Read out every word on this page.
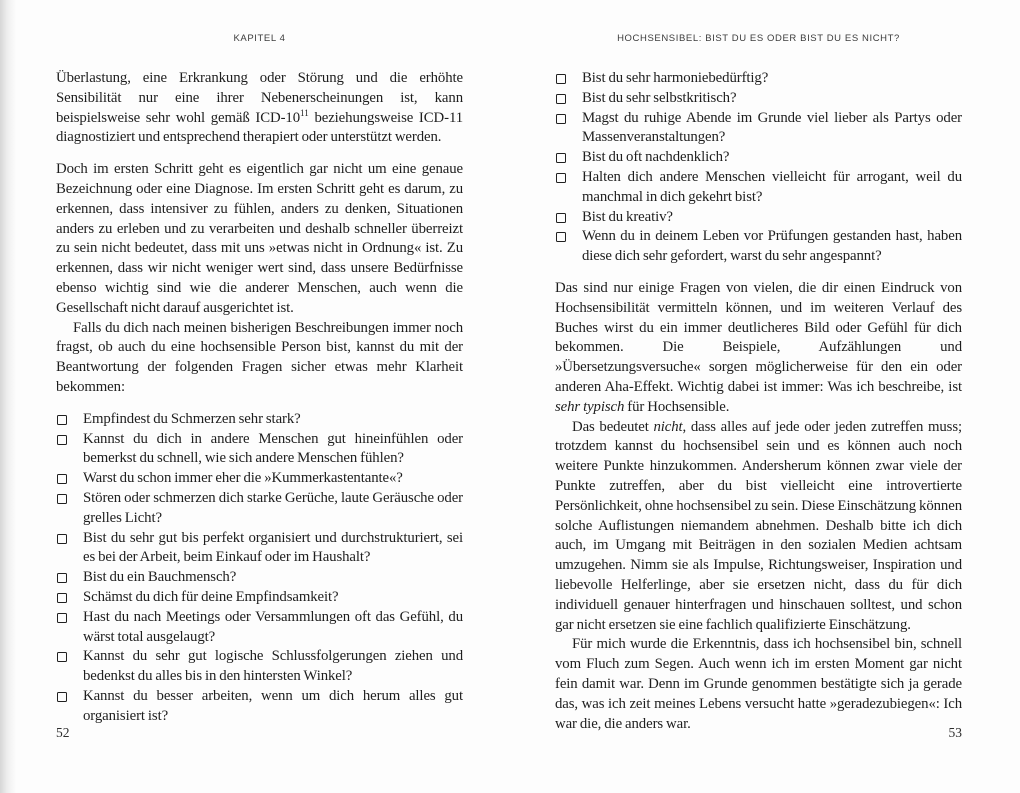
KAPITEL 4

Überlastung, eine Erkrankung oder Störung und die erhöhte Sensibilität nur eine ihrer Nebenerscheinungen ist, kann beispielsweise sehr wohl gemäß ICD-$10^{11}$ beziehungsweise ICD-11 diagnostiziert und entsprechend therapiert oder unterstützt werden.

Doch im ersten Schritt geht es eigentlich gar nicht um eine genaue Bezeichnung oder eine Diagnose. Im ersten Schritt geht es darum, zu erkennen, dass intensiver zu fühlen, anders zu denken, Situationen anders zu erleben und zu verarbeiten und deshalb schneller überreizt zu sein nicht bedeutet, dass mit uns »etwas nicht in Ordnung« ist. Zu erkennen, dass wir nicht weniger wert sind, dass unsere Bedürfnisse ebenso wichtig sind wie die anderer Menschen, auch wenn die Gesellschaft nicht darauf ausgerichtet ist.

Falls du dich nach meinen bisherigen Beschreibungen immer noch fragst, ob auch du eine hochsensible Person bist, kannst du mit der Beantwortung der folgenden Fragen sicher etwas mehr Klarheit bekommen:

Empfindest du Schmerzen sehr stark?
Kannst du dich in andere Menschen gut hineinfühlen oder bemerkst du schnell, wie sich andere Menschen fühlen?
Warst du schon immer eher die »Kummerkastentante«?
Stören oder schmerzen dich starke Gerüche, laute Geräusche oder grelles Licht?
Bist du sehr gut bis perfekt organisiert und durchstrukturiert, sei es bei der Arbeit, beim Einkauf oder im Haushalt?
Bist du ein Bauchmensch?
Schämst du dich für deine Empfindsamkeit?
Hast du nach Meetings oder Versammlungen oft das Gefühl, du wärst total ausgelaugt?
Kannst du sehr gut logische Schlussfolgerungen ziehen und bedenkst du alles bis in den hintersten Winkel?
Kannst du besser arbeiten, wenn um dich herum alles gut organisiert ist?
52
HOCHSENSIBEL: BIST DU ES ODER BIST DU ES NICHT?
Bist du sehr harmoniebedürftig?
Bist du sehr selbstkritisch?
Magst du ruhige Abende im Grunde viel lieber als Partys oder Massenveranstaltungen?
Bist du oft nachdenklich?
Halten dich andere Menschen vielleicht für arrogant, weil du manchmal in dich gekehrt bist?
Bist du kreativ?
Wenn du in deinem Leben vor Prüfungen gestanden hast, haben diese dich sehr gefordert, warst du sehr angespannt?

Das sind nur einige Fragen von vielen, die dir einen Eindruck von Hochsensibilität vermitteln können, und im weiteren Verlauf des Buches wirst du ein immer deutlicheres Bild oder Gefühl für dich bekommen. Die Beispiele, Aufzählungen und »Übersetzungsversuche« sorgen möglicherweise für den ein oder anderen Aha-Effekt. Wichtig dabei ist immer: Was ich beschreibe, ist sehr typisch für Hochsensible.

Das bedeutet nicht, dass alles auf jede oder jeden zutreffen muss; trotzdem kannst du hochsensibel sein und es können auch noch weitere Punkte hinzukommen. Andersherum können zwar viele der Punkte zutreffen, aber du bist vielleicht eine introvertierte Persönlichkeit, ohne hochsensibel zu sein. Diese Einschätzung können solche Auflistungen niemandem abnehmen. Deshalb bitte ich dich auch, im Umgang mit Beiträgen in den sozialen Medien achtsam umzugehen. Nimm sie als Impulse, Richtungsweiser, Inspiration und liebevolle Helferlinge, aber sie ersetzen nicht, dass du für dich individuell genauer hinterfragen und hinschauen solltest, und schon gar nicht ersetzen sie eine fachlich qualifizierte Einschätzung.

Für mich wurde die Erkenntnis, dass ich hochsensibel bin, schnell vom Fluch zum Segen. Auch wenn ich im ersten Moment gar nicht fein damit war. Denn im Grunde genommen bestätigte sich ja gerade das, was ich zeit meines Lebens versucht hatte »geradezubiegen«: Ich war die, die anders war.

53
